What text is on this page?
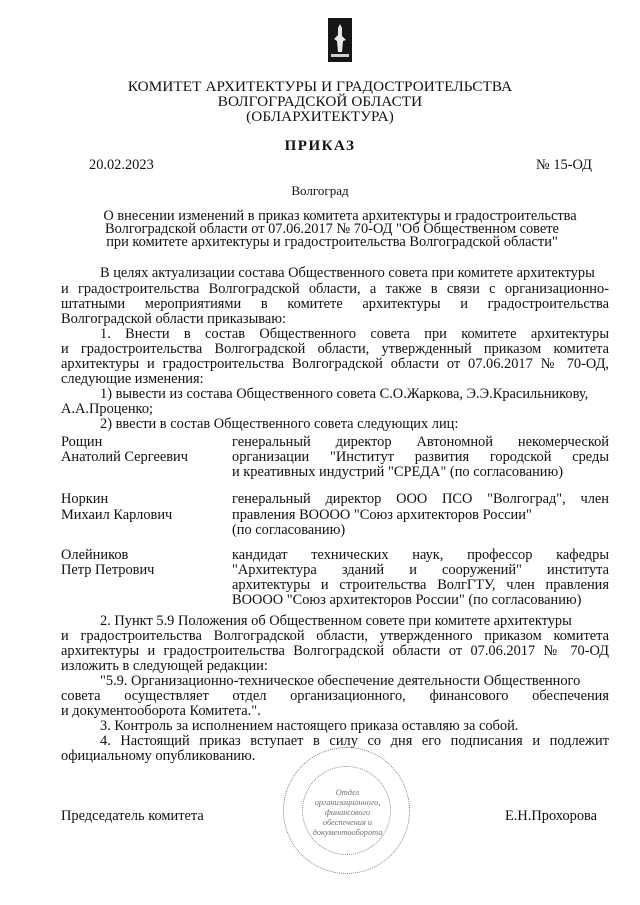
КОМИТЕТ АРХИТЕКТУРЫ И ГРАДОСТРОИТЕЛЬСТВА
ВОЛГОГРАДСКОЙ ОБЛАСТИ
(ОБЛАРХИТЕКТУРА)
ПРИКАЗ
20.02.2023	№ 15-ОД
Волгоград
О внесении изменений в приказ комитета архитектуры и градостроительства
Волгоградской области от 07.06.2017 № 70-ОД "Об Общественном совете
при комитете архитектуры и градостроительства Волгоградской области"
В целях актуализации состава Общественного совета при комитете архитектуры
и градостроительства Волгоградской области, а также в связи с организационно-
штатными мероприятиями в комитете архитектуры и градостроительства
Волгоградской области приказываю:
1. Внести в состав Общественного совета при комитете архитектуры
и градостроительства Волгоградской области, утвержденный приказом комитета
архитектуры и градостроительства Волгоградской области от 07.06.2017 № 70-ОД,
следующие изменения:
1) вывести из состава Общественного совета С.О.Жаркова, Э.Э.Красильникову,
А.А.Проценко;
2) ввести в состав Общественного совета следующих лиц:
Рощин
Анатолий Сергеевич
генеральный директор Автономной некомерческой
организации "Институт развития городской среды
и креативных индустрий "СРЕДА" (по согласованию)
Норкин
Михаил Карлович
генеральный директор ООО ПСО "Волгоград", член
правления ВОООО "Союз архитекторов России"
(по согласованию)
Олейников
Петр Петрович
кандидат технических наук, профессор кафедры
"Архитектура зданий и сооружений" института
архитектуры и строительства ВолгГТУ, член правления
ВОООО "Союз архитекторов России" (по согласованию)
2. Пункт 5.9 Положения об Общественном совете при комитете архитектуры
и градостроительства Волгоградской области, утвержденного приказом комитета
архитектуры и градостроительства Волгоградской области от 07.06.2017 № 70-ОД
изложить в следующей редакции:
"5.9. Организационно-техническое обеспечение деятельности Общественного
совета осуществляет отдел организационного, финансового обеспечения
и документооборота Комитета.".
3. Контроль за исполнением настоящего приказа оставляю за собой.
4. Настоящий приказ вступает в силу со дня его подписания и подлежит
официальному опубликованию.
Отдел
организационного,
финансового
обеспечения и
документооборота
Председатель комитета	Е.Н.Прохорова
